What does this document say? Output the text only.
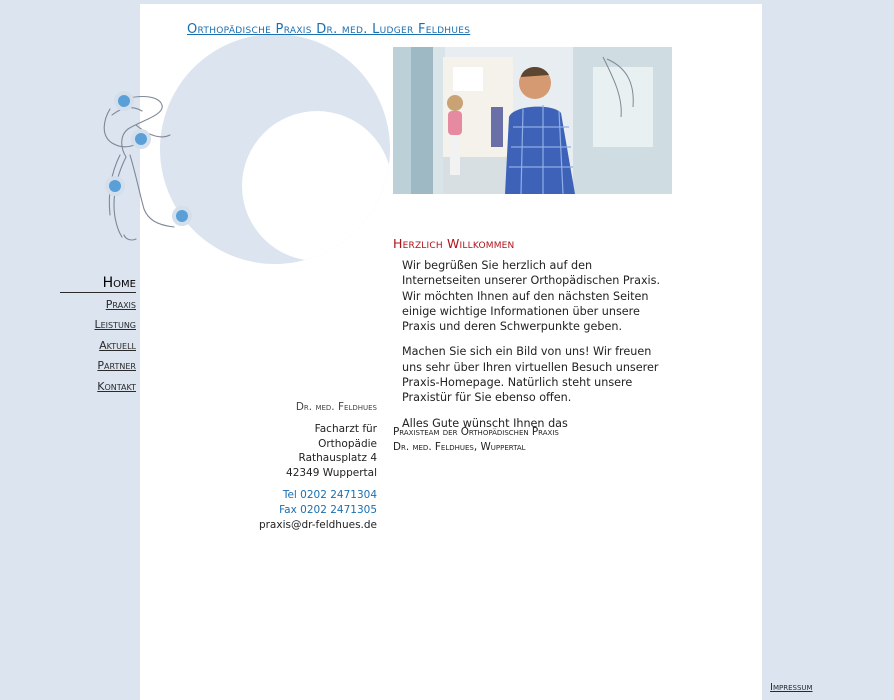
Orthopädische Praxis Dr. med. Ludger Feldhues
Home
Praxis
Leistung
Aktuell
Partner
Kontakt
Herzlich Willkommen

Wir begrüßen Sie herzlich auf den Internetseiten unserer Orthopädischen Praxis. Wir möchten Ihnen auf den nächsten Seiten einige wichtige Informationen über unsere Praxis und deren Schwerpunkte geben.

Machen Sie sich ein Bild von uns! Wir freuen uns sehr über Ihren virtuellen Besuch unserer Praxis-Homepage. Natürlich steht unsere Praxistür für Sie ebenso offen.

Alles Gute wünscht Ihnen das

Praxisteam der Orthopädischen Praxis
Dr. med. Feldhues, Wuppertal
Dr. med. Feldhues
Facharzt für
Orthopädie
Rathausplatz 4
42349 Wuppertal
Tel 0202 2471304
Fax 0202 2471305
praxis@dr-feldhues.de
Impressum
